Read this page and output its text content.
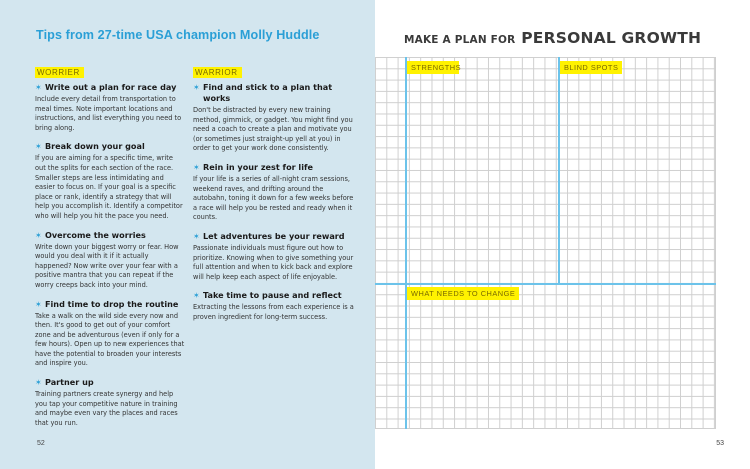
Tips from 27-time USA champion Molly Huddle
WORRIER
✶ Write out a plan for race day
Include every detail from transportation to meal times. Note important locations and instructions, and list everything you need to bring along.
✶ Break down your goal
If you are aiming for a specific time, write out the splits for each section of the race. Smaller steps are less intimidating and easier to focus on. If your goal is a specific place or rank, identify a strategy that will help you accomplish it. Identify a competitor who will help you hit the pace you need.
✶ Overcome the worries
Write down your biggest worry or fear. How would you deal with it if it actually happened? Now write over your fear with a positive mantra that you can repeat if the worry creeps back into your mind.
✶ Find time to drop the routine
Take a walk on the wild side every now and then. It's good to get out of your comfort zone and be adventurous (even if only for a few hours). Open up to new experiences that have the potential to broaden your interests and inspire you.
✶ Partner up
Training partners create synergy and help you tap your competitive nature in training and maybe even vary the places and races that you run.
WARRIOR
✶ Find and stick to a plan that works
Don't be distracted by every new training method, gimmick, or gadget. You might find you need a coach to create a plan and motivate you (or sometimes just straight-up yell at you) in order to get your work done consistently.
✶ Rein in your zest for life
If your life is a series of all-night cram sessions, weekend raves, and drifting around the autobahn, toning it down for a few weeks before a race will help you be rested and ready when it counts.
✶ Let adventures be your reward
Passionate individuals must figure out how to prioritize. Knowing when to give something your full attention and when to kick back and explore will help keep each aspect of life enjoyable.
✶ Take time to pause and reflect
Extracting the lessons from each experience is a proven ingredient for long-term success.
52
MAKE A PLAN FOR PERSONAL GROWTH
STRENGTHS	BLIND SPOTS
WHAT NEEDS TO CHANGE
53
